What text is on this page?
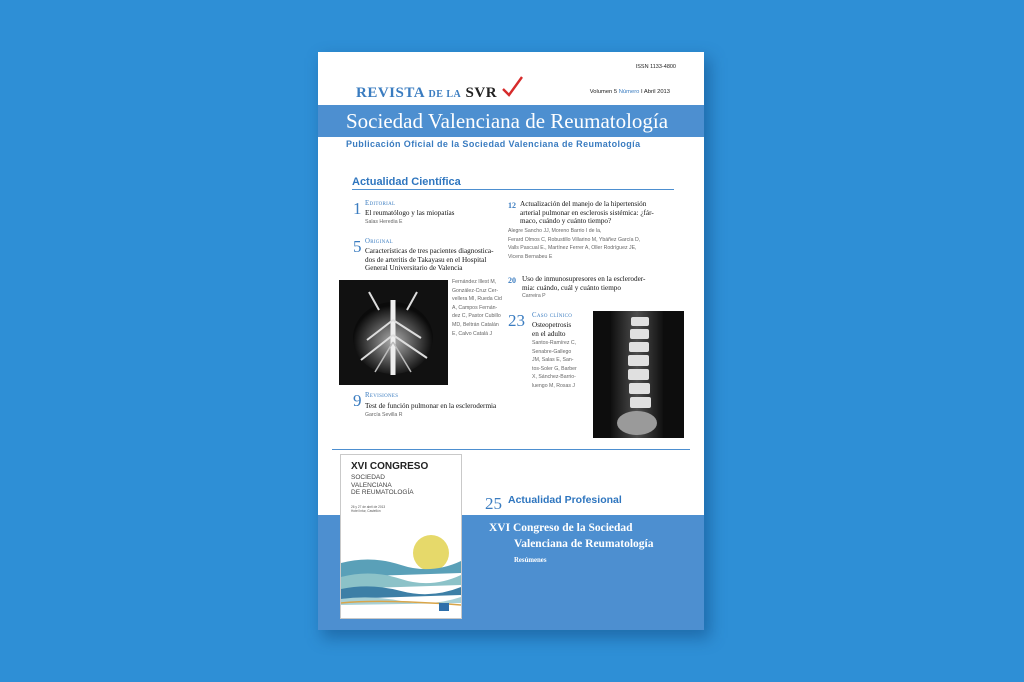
ISSN 1133-4800
REVISTA DE LA SVR	Volumen 5 Número I Abril 2013
Sociedad Valenciana de Reumatología
Publicación Oficial de la Sociedad Valenciana de Reumatología
Actualidad Científica
1 Editorial
El reumatólogo y las miopatías
Salas Heredia E
5 Original
Características de tres pacientes diagnostica-
dos de arteritis de Takayasu en el Hospital
General Universitario de Valencia
Fernández Illest M,
González-Cruz Cer-
vellera MI, Rueda Cid
A, Campos Fernán-
dez C, Pastor Cubillo
MD, Beltrán Catalán
E, Calvo Catalá J
9 Revisiones
Test de función pulmonar en la esclerodermia
García Sevilla R
12 Actualización del manejo de la hipertensión
arterial pulmonar en esclerosis sistémica: ¿fár-
maco, cuándo y cuánto tiempo?
Alegre Sancho JJ, Moreno Barrio I de la,
Ferard Olmos C, Robustillo Villarino M, Ybáñez García D,
Valls Pascual E., Martínez Ferrer A, Oller Rodríguez JE,
Vicens Bernabeu E
20 Uso de inmunosupresores en la escleroder-
mia: cuándo, cuál y cuánto tiempo
Carreira P
23 Caso clínico
Osteopetrosis
en el adulto
Santos-Ramírez C,
Senabre-Gallego
JM, Salas E, San-
tos-Soler G, Barber
X, Sánchez-Barrio-
luengo M, Rosas J
XVI CONGRESO
SOCIEDAD
VALENCIANA
DE REUMATOLOGÍA
26 y 27 de abril de 2013
Hotel Intur, Castellón	25 Actualidad Profesional
XVI Congreso de la Sociedad
Valenciana de Reumatología
Resúmenes
